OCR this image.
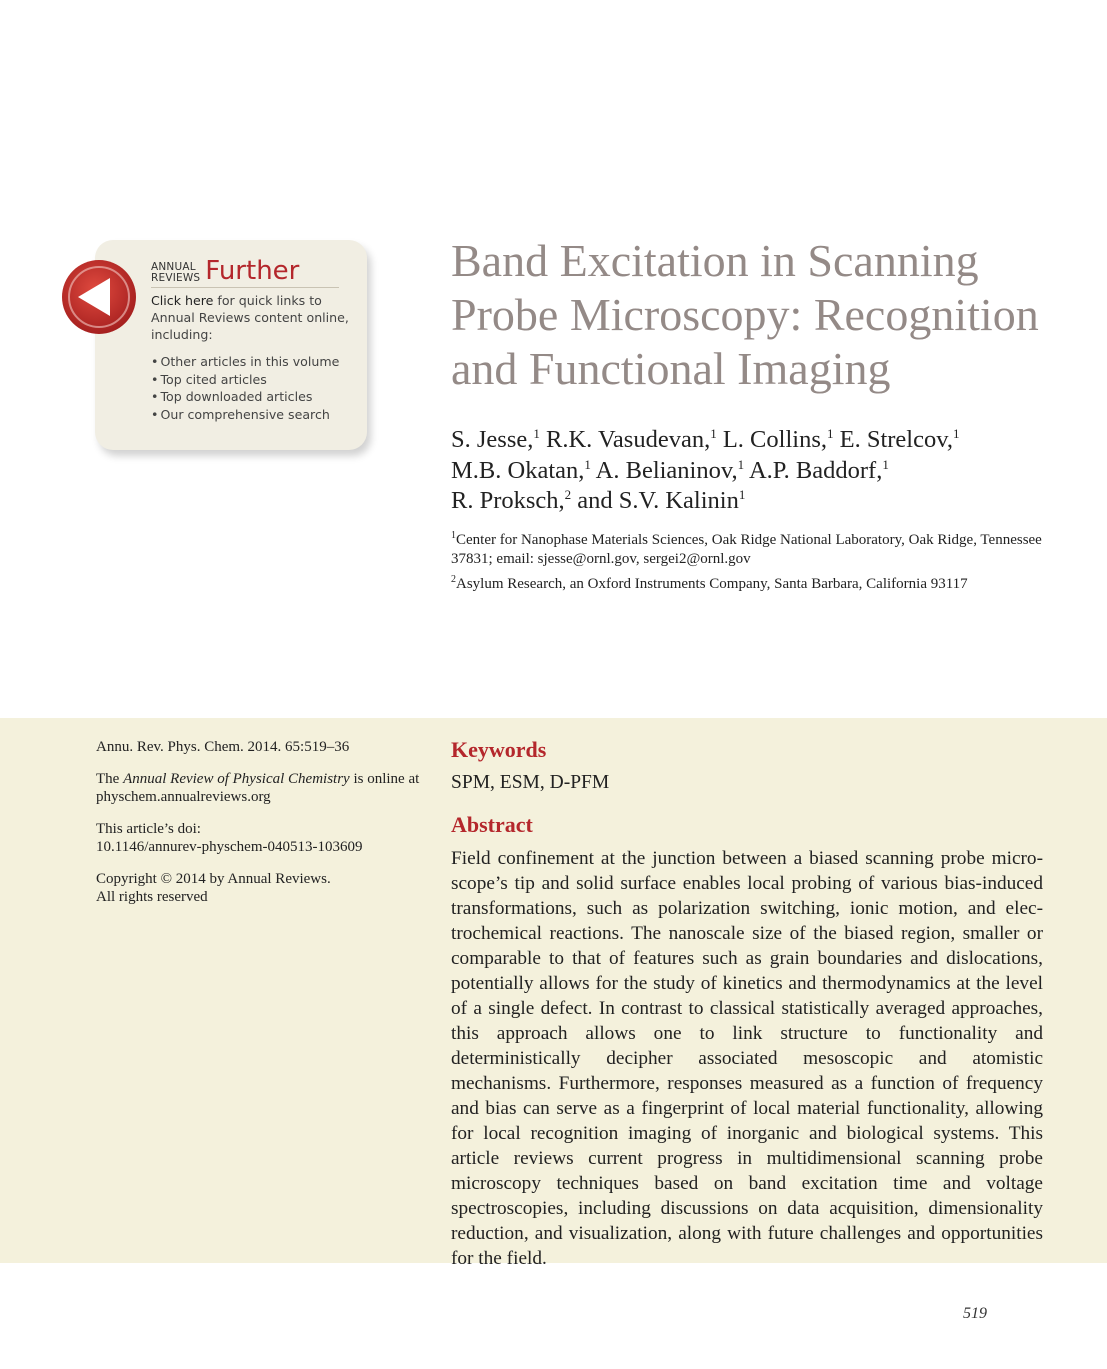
ANNUAL
REVIEWS Further
Click here for quick links to Annual Reviews content online, including:
• Other articles in this volume
• Top cited articles
• Top downloaded articles
• Our comprehensive search
Band Excitation in Scanning Probe Microscopy: Recognition and Functional Imaging
S. Jesse,$^1$ R.K. Vasudevan,$^1$ L. Collins,$^1$ E. Strelcov,$^1$
M.B. Okatan,$^1$ A. Belianinov,$^1$ A.P. Baddorf,$^1$
R. Proksch,$^2$ and S.V. Kalinin$^1$
$^1$Center for Nanophase Materials Sciences, Oak Ridge National Laboratory, Oak Ridge, Tennessee 37831; email: sjesse@ornl.gov, sergei2@ornl.gov
$^2$Asylum Research, an Oxford Instruments Company, Santa Barbara, California 93117

Annu. Rev. Phys. Chem. 2014. 65:519–36

The Annual Review of Physical Chemistry is online at physchem.annualreviews.org

This article’s doi:
10.1146/annurev-physchem-040513-103609

Copyright © 2014 by Annual Reviews.
All rights reserved

Keywords
SPM, ESM, D-PFM
Abstract

Field confinement at the junction between a biased scanning probe microscope’s tip and solid surface enables local probing of various bias-induced transformations, such as polarization switching, ionic motion, and electrochemical reactions. The nanoscale size of the biased region, smaller or comparable to that of features such as grain boundaries and dislocations, potentially allows for the study of kinetics and thermodynamics at the level of a single defect. In contrast to classical statistically averaged approaches, this approach allows one to link structure to functionality and deterministically decipher associated mesoscopic and atomistic mechanisms. Furthermore, responses measured as a function of frequency and bias can serve as a fingerprint of local material functionality, allowing for local recognition imaging of inorganic and biological systems. This article reviews current progress in multidimensional scanning probe microscopy techniques based on band excitation time and voltage spectroscopies, including discussions on data acquisition, dimensionality reduction, and visualization, along with future challenges and opportunities for the field.

519
